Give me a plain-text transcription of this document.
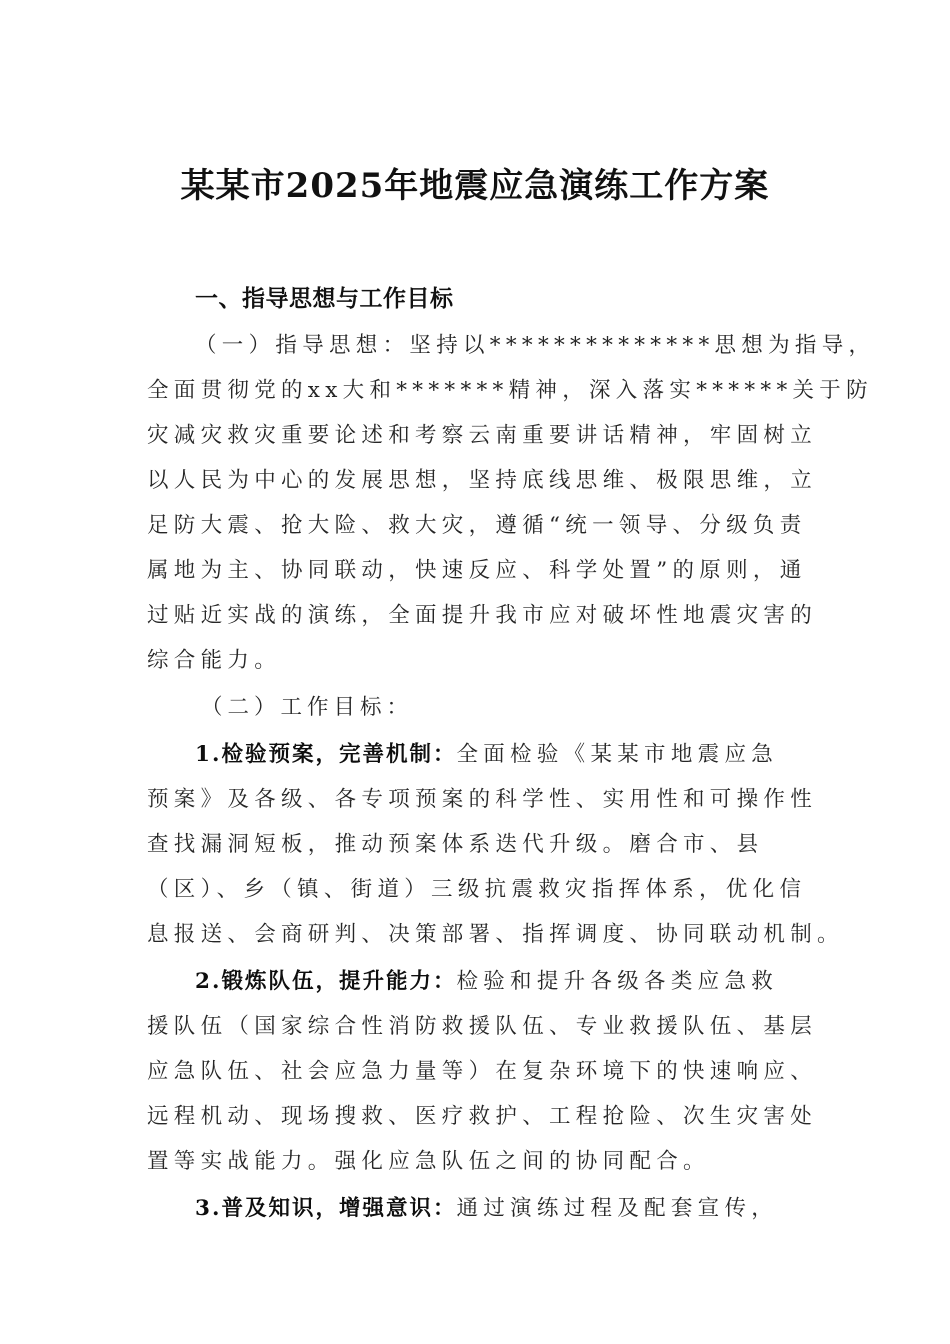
某某市2025年地震应急演练工作方案
一、指导思想与工作目标
（一）指导思想：坚持以**************思想为指导，
全面贯彻党的xx大和*******精神，深入落实******关于防
灾减灾救灾重要论述和考察云南重要讲话精神，牢固树立
以人民为中心的发展思想，坚持底线思维、极限思维，立
足防大震、抢大险、救大灾，遵循“统一领导、分级负责
属地为主、协同联动，快速反应、科学处置”的原则，通
过贴近实战的演练，全面提升我市应对破坏性地震灾害的
综合能力。
（二）工作目标：
1.检验预案，完善机制：全面检验《某某市地震应急
预案》及各级、各专项预案的科学性、实用性和可操作性
查找漏洞短板，推动预案体系迭代升级。磨合市、县
（区）、乡（镇、街道）三级抗震救灾指挥体系，优化信
息报送、会商研判、决策部署、指挥调度、协同联动机制。
2.锻炼队伍，提升能力：检验和提升各级各类应急救
援队伍（国家综合性消防救援队伍、专业救援队伍、基层
应急队伍、社会应急力量等）在复杂环境下的快速响应、
远程机动、现场搜救、医疗救护、工程抢险、次生灾害处
置等实战能力。强化应急队伍之间的协同配合。
3.普及知识，增强意识：通过演练过程及配套宣传，
